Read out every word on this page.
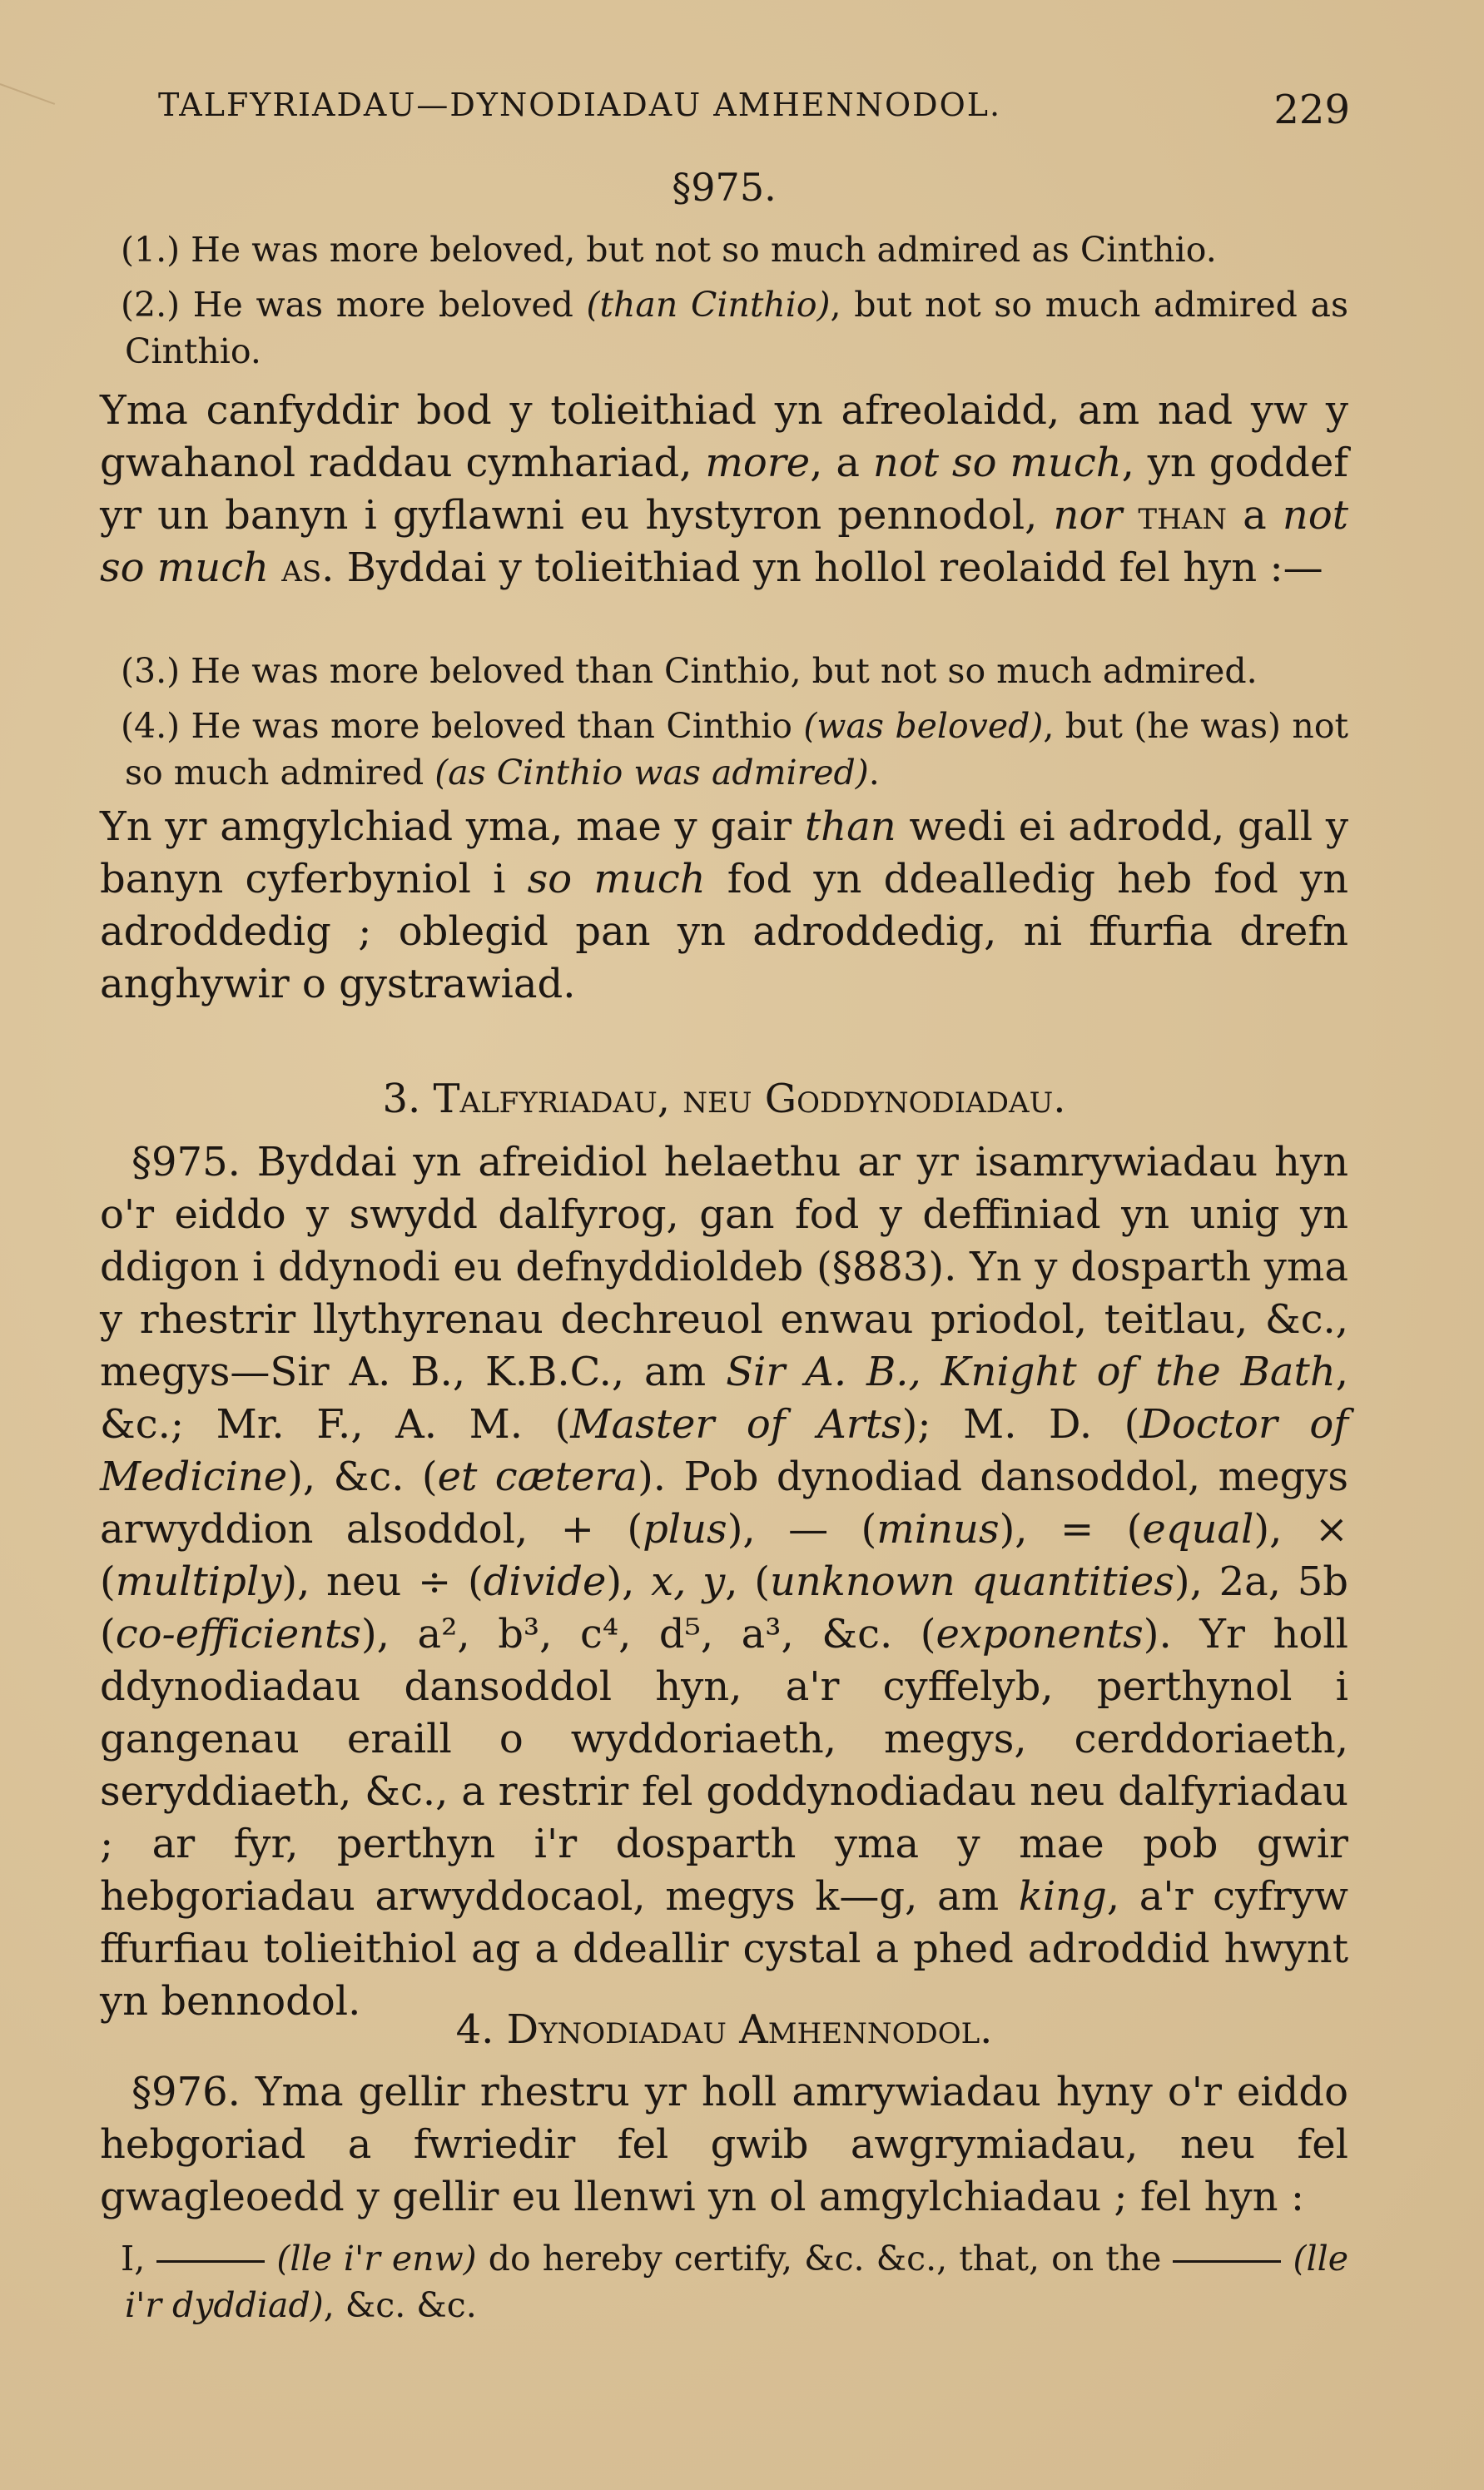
TALFYRIADAU—DYNODIADAU AMHENNODOL.	229
§975.

(1.) He was more beloved, but not so much admired as Cinthio.

(2.) He was more beloved (than Cinthio), but not so much admired as Cinthio.

Yma canfyddir bod y tolieithiad yn afreolaidd, am nad yw y gwahanol raddau cymhariad, more, a not so much, yn goddef yr un banyn i gyflawni eu hystyron pennodol, nor than a not so much as. Byddai y tolieithiad yn hollol reolaidd fel hyn :—

(3.) He was more beloved than Cinthio, but not so much admired.

(4.) He was more beloved than Cinthio (was beloved), but (he was) not so much admired (as Cinthio was admired).

Yn yr amgylchiad yma, mae y gair than wedi ei adrodd, gall y banyn cyferbyniol i so much fod yn ddealledig heb fod yn adroddedig ; oblegid pan yn adroddedig, ni ffurfia drefn anghywir o gystrawiad.

3. Talfyriadau, neu Goddynodiadau.

§975. Byddai yn afreidiol helaethu ar yr isamrywiadau hyn o'r eiddo y swydd dalfyrog, gan fod y deffiniad yn unig yn ddigon i ddynodi eu defnyddioldeb (§883). Yn y dosparth yma y rhestrir llythyrenau dechreuol enwau priodol, teitlau, &c., megys—Sir A. B., K.B.C., am Sir A. B., Knight of the Bath, &c.; Mr. F., A. M. (Master of Arts); M. D. (Doctor of Medicine), &c. (et cætera). Pob dynodiad dansoddol, megys arwyddion alsoddol, + (plus), — (minus), = (equal), × (multiply), neu ÷ (divide), x, y, (unknown quantities), 2a, 5b (co-efficients), a², b³, c⁴, d⁵, a³, &c. (exponents). Yr holl ddynodiadau dansoddol hyn, a'r cyffelyb, perthynol i gangenau eraill o wyddoriaeth, megys, cerddoriaeth, seryddiaeth, &c., a restrir fel goddynodiadau neu dalfyriadau ; ar fyr, perthyn i'r dosparth yma y mae pob gwir hebgoriadau arwyddocaol, megys k—g, am king, a'r cyfryw ffurfiau tolieithiol ag a ddeallir cystal a phed adroddid hwynt yn bennodol.

4. Dynodiadau Amhennodol.

§976. Yma gellir rhestru yr holl amrywiadau hyny o'r eiddo hebgoriad a fwriedir fel gwib awgrymiadau, neu fel gwagleoedd y gellir eu llenwi yn ol amgylchiadau ; fel hyn :

I,	(lle i'r enw) do hereby certify, &c. &c., that, on the	(lle i'r dyddiad), &c. &c.
